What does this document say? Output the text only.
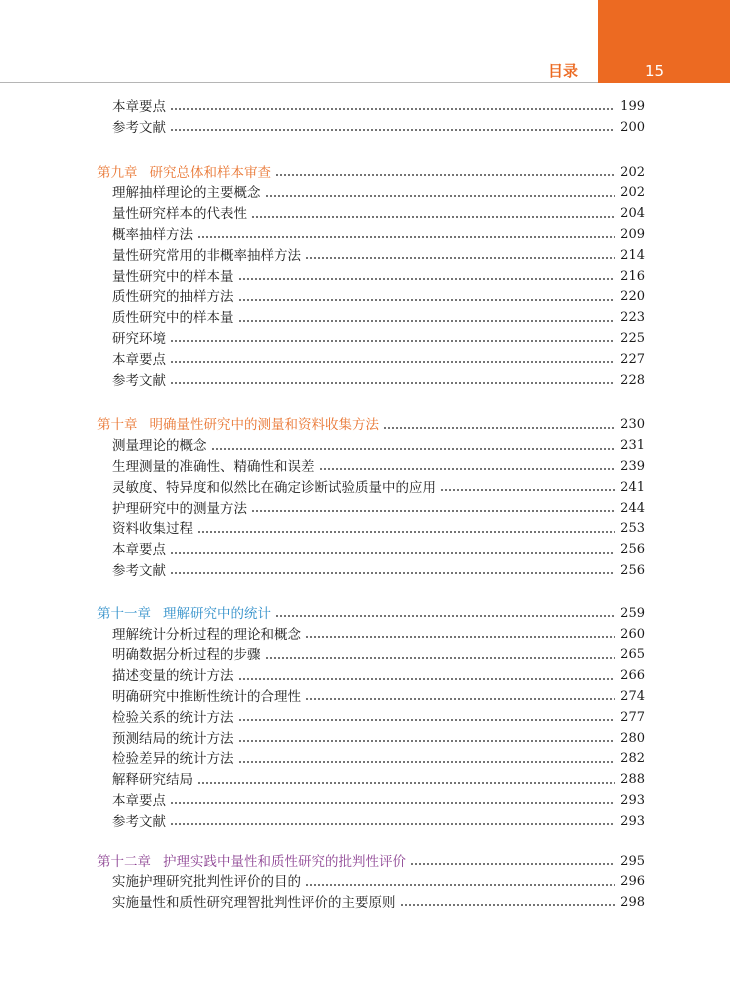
目录	15
本章要点	199
参考文献	200
第九章 研究总体和样本审查	202
理解抽样理论的主要概念	202
量性研究样本的代表性	204
概率抽样方法	209
量性研究常用的非概率抽样方法	214
量性研究中的样本量	216
质性研究的抽样方法	220
质性研究中的样本量	223
研究环境	225
本章要点	227
参考文献	228
第十章 明确量性研究中的测量和资料收集方法	230
测量理论的概念	231
生理测量的准确性、精确性和误差	239
灵敏度、特异度和似然比在确定诊断试验质量中的应用	241
护理研究中的测量方法	244
资料收集过程	253
本章要点	256
参考文献	256
第十一章 理解研究中的统计	259
理解统计分析过程的理论和概念	260
明确数据分析过程的步骤	265
描述变量的统计方法	266
明确研究中推断性统计的合理性	274
检验关系的统计方法	277
预测结局的统计方法	280
检验差异的统计方法	282
解释研究结局	288
本章要点	293
参考文献	293
第十二章 护理实践中量性和质性研究的批判性评价	295
实施护理研究批判性评价的目的	296
实施量性和质性研究理智批判性评价的主要原则	298
